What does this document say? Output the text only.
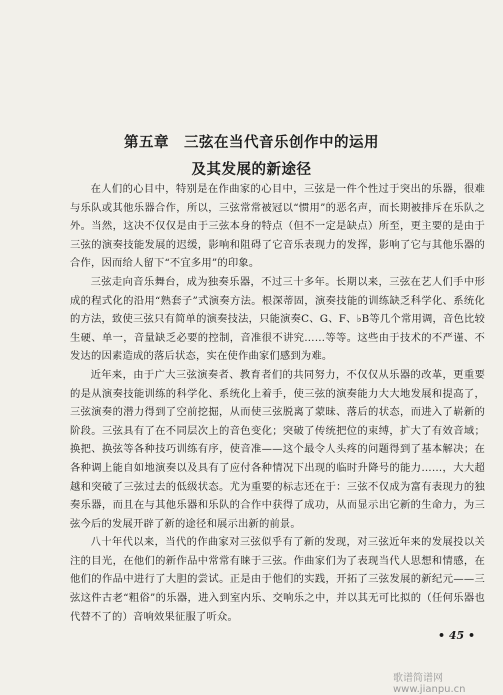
第五章　三弦在当代音乐创作中的运用
及其发展的新途径

在人们的心目中，特别是在作曲家的心目中，三弦是一件个性过于突出的乐器，很难与乐队或其他乐器合作，所以，三弦常常被冠以“惯用”的恶名声，而长期被排斥在乐队之外。当然，这决不仅仅是由于三弦本身的特点（但不一定是缺点）所至，更主要的是由于三弦的演奏技能发展的迟缓，影响和阻碍了它音乐表现力的发挥，影响了它与其他乐器的合作，因而给人留下“不宜多用”的印象。

三弦走向音乐舞台，成为独奏乐器，不过三十多年。长期以来，三弦在艺人们手中形成的程式化的沿用“熟套子”式演奏方法。根深蒂固，演奏技能的训练缺乏科学化、系统化的方法，致使三弦只有简单的演奏技法，只能演奏C、G、F、♭B等几个常用调，音色比较生硬、单一，音量缺乏必要的控制，音准很不讲究……等等。这些由于技术的不严谨、不发达的因素造成的落后状态，实在使作曲家们感到为难。

近年来，由于广大三弦演奏者、教育者们的共同努力，不仅仅从乐器的改革，更重要的是从演奏技能训练的科学化、系统化上着手，使三弦的演奏能力大大地发展和提高了，三弦演奏的潜力得到了空前挖掘，从而使三弦脱离了蒙昧、落后的状态，而进入了崭新的阶段。三弦具有了在不同层次上的音色变化；突破了传统把位的束缚，扩大了有效音域；换把、换弦等各种技巧训练有序，使音准——这个最令人头疼的问题得到了基本解决；在各种调上能自如地演奏以及具有了应付各种情况下出现的临时升降号的能力……，大大超越和突破了三弦过去的低级状态。尤为重要的标志还在于：三弦不仅成为富有表现力的独奏乐器，而且在与其他乐器和乐队的合作中获得了成功，从而显示出它新的生命力，为三弦今后的发展开辟了新的途径和展示出新的前景。

八十年代以来，当代的作曲家对三弦似乎有了新的发现，对三弦近年来的发展投以关注的目光，在他们的新作品中常常有睐于三弦。作曲家们为了表现当代人思想和情感，在他们的作品中进行了大胆的尝试。正是由于他们的实践，开拓了三弦发展的新纪元——三弦这件古老“粗俗”的乐器，进入到室内乐、交响乐之中，并以其无可比拟的（任何乐器也代替不了的）音响效果征服了听众。

• 45 •
歌谱简谱网 www.jianpu.cn
